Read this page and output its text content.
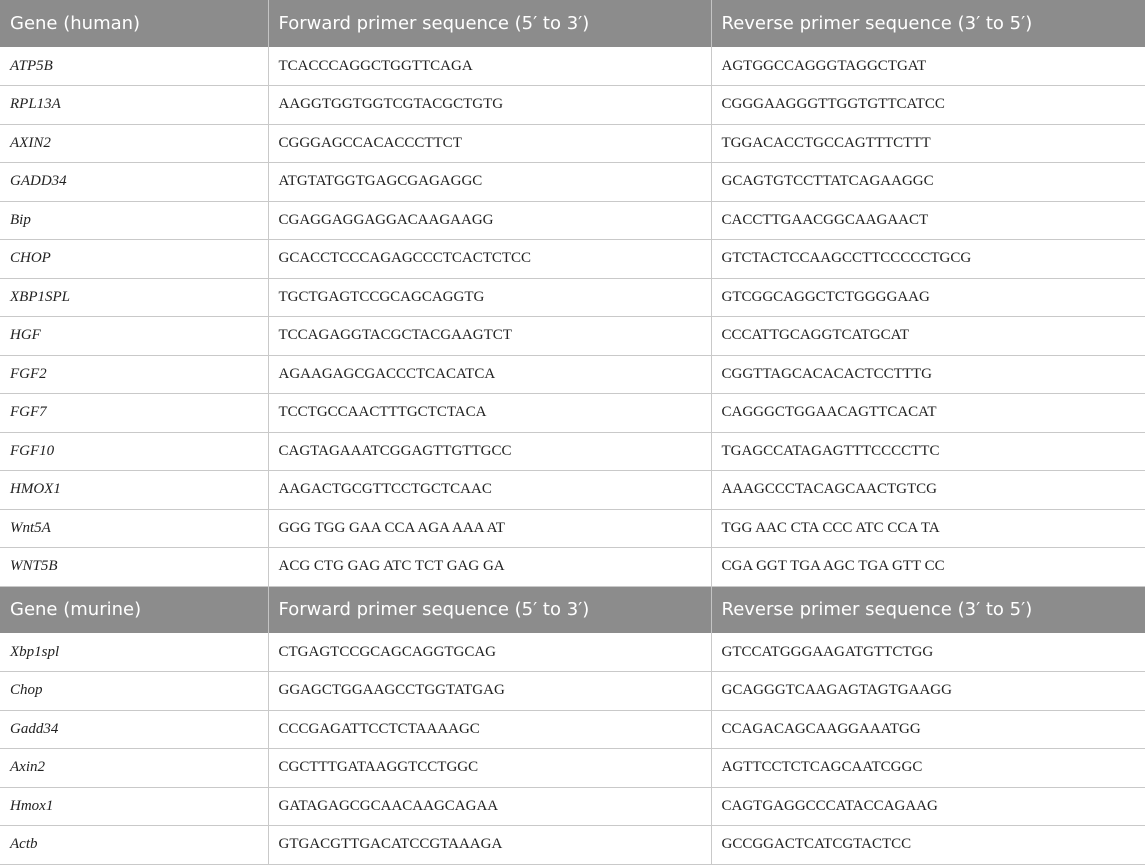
Gene (human)	Forward primer sequence (5′ to 3′)	Reverse primer sequence (3′ to 5′)
ATP5B	TCACCCAGGCTGGTTCAGA	AGTGGCCAGGGTAGGCTGAT
RPL13A	AAGGTGGTGGTCGTACGCTGTG	CGGGAAGGGTTGGTGTTCATCC
AXIN2	CGGGAGCCACACCCTTCT	TGGACACCTGCCAGTTTCTTT
GADD34	ATGTATGGTGAGCGAGAGGC	GCAGTGTCCTTATCAGAAGGC
Bip	CGAGGAGGAGGACAAGAAGG	CACCTTGAACGGCAAGAACT
CHOP	GCACCTCCCAGAGCCCTCACTCTCC	GTCTACTCCAAGCCTTCCCCCTGCG
XBP1SPL	TGCTGAGTCCGCAGCAGGTG	GTCGGCAGGCTCTGGGGAAG
HGF	TCCAGAGGTACGCTACGAAGTCT	CCCATTGCAGGTCATGCAT
FGF2	AGAAGAGCGACCCTCACATCA	CGGTTAGCACACACTCCTTTG
FGF7	TCCTGCCAACTTTGCTCTACA	CAGGGCTGGAACAGTTCACAT
FGF10	CAGTAGAAATCGGAGTTGTTGCC	TGAGCCATAGAGTTTCCCCTTC
HMOX1	AAGACTGCGTTCCTGCTCAAC	AAAGCCCTACAGCAACTGTCG
Wnt5A	GGG TGG GAA CCA AGA AAA AT	TGG AAC CTA CCC ATC CCA TA
WNT5B	ACG CTG GAG ATC TCT GAG GA	CGA GGT TGA AGC TGA GTT CC
Gene (murine)	Forward primer sequence (5′ to 3′)	Reverse primer sequence (3′ to 5′)
Xbp1spl	CTGAGTCCGCAGCAGGTGCAG	GTCCATGGGAAGATGTTCTGG
Chop	GGAGCTGGAAGCCTGGTATGAG	GCAGGGTCAAGAGTAGTGAAGG
Gadd34	CCCGAGATTCCTCTAAAAGC	CCAGACAGCAAGGAAATGG
Axin2	CGCTTTGATAAGGTCCTGGC	AGTTCCTCTCAGCAATCGGC
Hmox1	GATAGAGCGCAACAAGCAGAA	CAGTGAGGCCCATACCAGAAG
Actb	GTGACGTTGACATCCGTAAAGA	GCCGGACTCATCGTACTCC
